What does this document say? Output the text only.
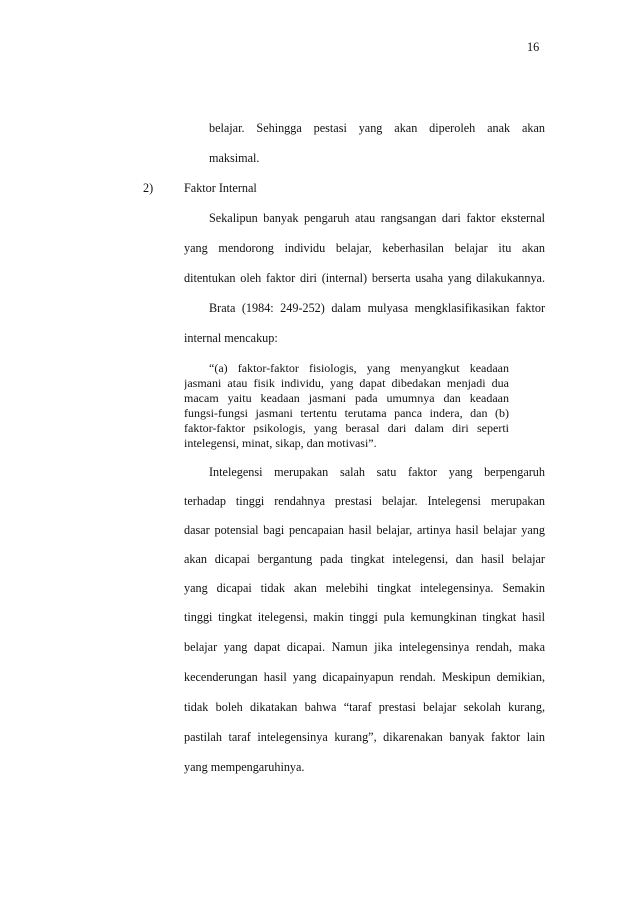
16
belajar. Sehingga pestasi yang akan diperoleh anak akan
maksimal.
2)	Faktor Internal
Sekalipun banyak pengaruh atau rangsangan dari faktor eksternal
yang mendorong individu belajar, keberhasilan belajar itu akan
ditentukan oleh faktor diri (internal) berserta usaha yang dilakukannya.
Brata (1984: 249-252) dalam mulyasa mengklasifikasikan faktor
internal mencakup:
“(a) faktor-faktor fisiologis, yang menyangkut keadaan
jasmani atau fisik individu, yang dapat dibedakan menjadi dua
macam yaitu keadaan jasmani pada umumnya dan keadaan
fungsi-fungsi jasmani tertentu terutama panca indera, dan (b)
faktor-faktor psikologis, yang berasal dari dalam diri seperti
intelegensi, minat, sikap, dan motivasi”.
Intelegensi merupakan salah satu faktor yang berpengaruh
terhadap tinggi rendahnya prestasi belajar. Intelegensi merupakan
dasar potensial bagi pencapaian hasil belajar, artinya hasil belajar yang
akan dicapai bergantung pada tingkat intelegensi, dan hasil belajar
yang dicapai tidak akan melebihi tingkat intelegensinya. Semakin
tinggi tingkat itelegensi, makin tinggi pula kemungkinan tingkat hasil
belajar yang dapat dicapai. Namun jika intelegensinya rendah, maka
kecenderungan hasil yang dicapainyapun rendah. Meskipun demikian,
tidak boleh dikatakan bahwa “taraf prestasi belajar sekolah kurang,
pastilah taraf intelegensinya kurang”, dikarenakan banyak faktor lain
yang mempengaruhinya.
